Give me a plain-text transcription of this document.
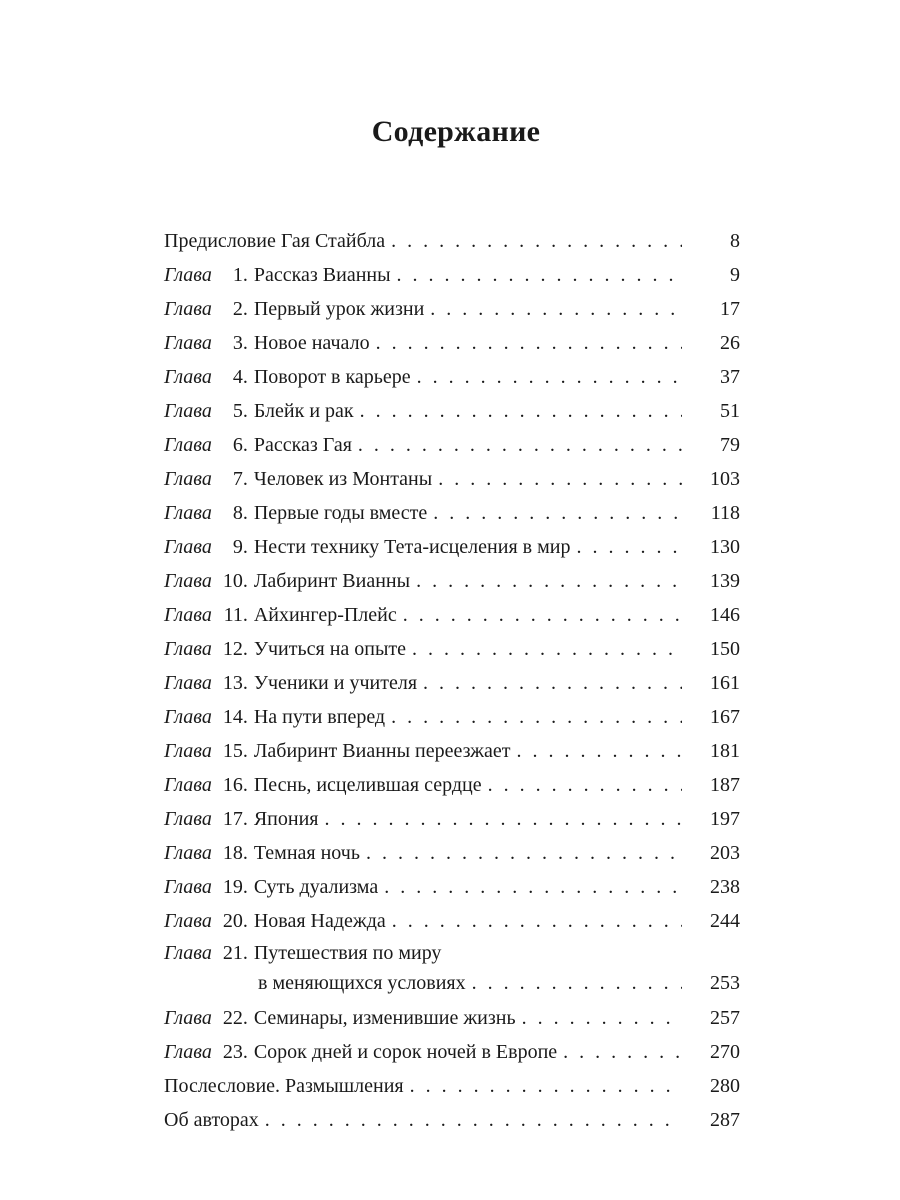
Содержание
Предисловие Гая Стайбла . . .	8
Глава	1. Рассказ Вианны . . .	9
Глава	2. Первый урок жизни . . .	17
Глава	3. Новое начало . . .	26
Глава	4. Поворот в карьере . . .	37
Глава	5. Блейк и рак . . .	51
Глава	6. Рассказ Гая . . .	79
Глава	7. Человек из Монтаны . . .	103
Глава	8. Первые годы вместе . . .	118
Глава	9. Нести технику Тета-исцеления в мир . . .	130
Глава 10. Лабиринт Вианны . . .	139
Глава 11. Айхингер-Плейс . . .	146
Глава 12. Учиться на опыте . . .	150
Глава 13. Ученики и учителя . . .	161
Глава 14. На пути вперед . . .	167
Глава 15. Лабиринт Вианны переезжает . . .	181
Глава 16. Песнь, исцелившая сердце . . .	187
Глава 17. Япония . . .	197
Глава 18. Темная ночь . . .	203
Глава 19. Суть дуализма . . .	238
Глава 20. Новая Надежда . . .	244
Глава 21. Путешествия по миру
в меняющихся условиях . . .	253
Глава 22. Семинары, изменившие жизнь . . .	257
Глава 23. Сорок дней и сорок ночей в Европе . . .	270
Послесловие. Размышления . . .	280
Об авторах . . .	287
